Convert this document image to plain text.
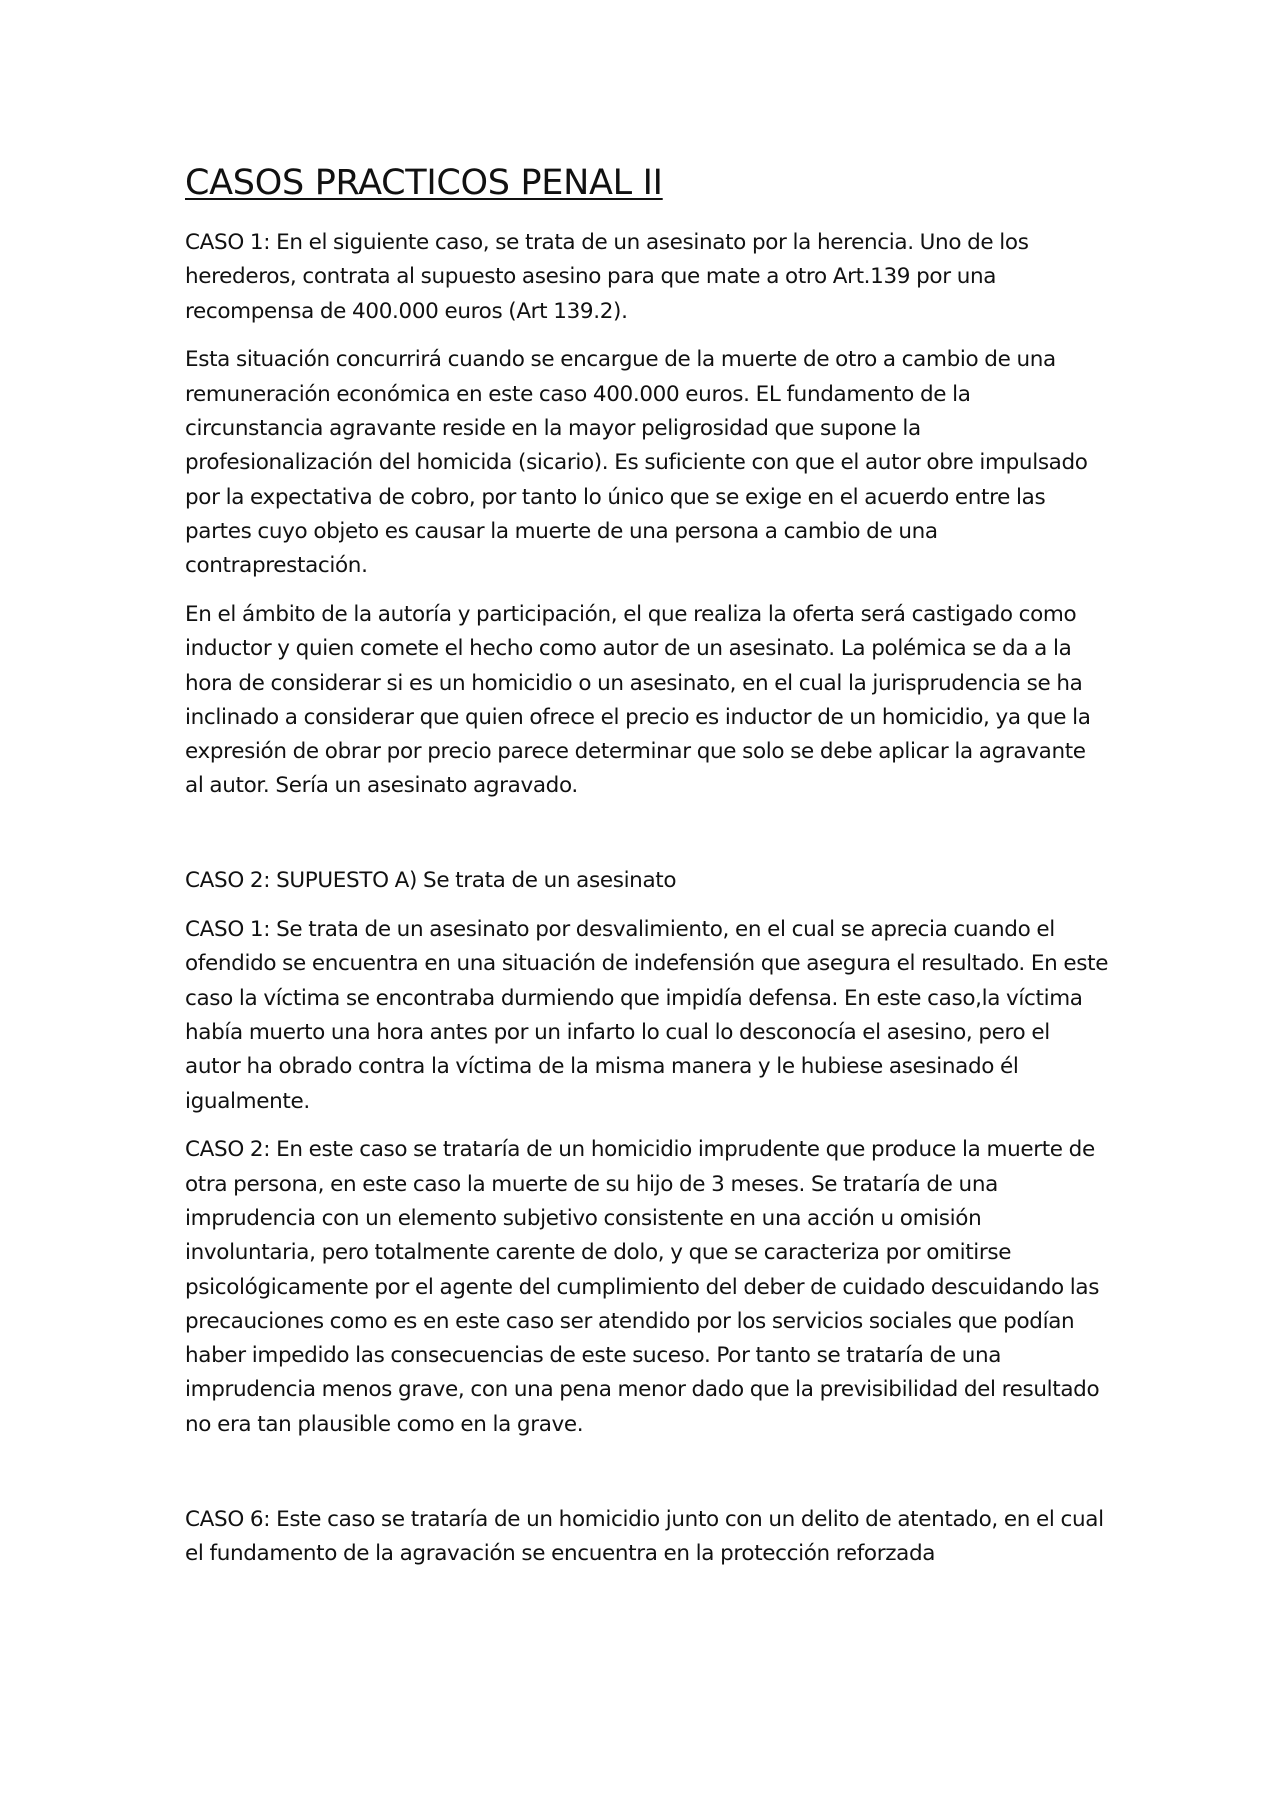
CASOS PRACTICOS PENAL II

CASO 1: En el siguiente caso, se trata de un asesinato por la herencia. Uno de los herederos, contrata al supuesto asesino para que mate a otro Art.139 por una recompensa de 400.000 euros (Art 139.2).

Esta situación concurrirá cuando se encargue de la muerte de otro a cambio de una remuneración económica en este caso 400.000 euros. EL fundamento de la circunstancia agravante reside en la mayor peligrosidad que supone la profesionalización del homicida (sicario). Es suficiente con que el autor obre impulsado por la expectativa de cobro, por tanto lo único que se exige en el acuerdo entre las partes cuyo objeto es causar la muerte de una persona a cambio de una contraprestación.

En el ámbito de la autoría y participación, el que realiza la oferta será castigado como inductor y quien comete el hecho como autor de un asesinato. La polémica se da a la hora de considerar si es un homicidio o un asesinato, en el cual la jurisprudencia se ha inclinado a considerar que quien ofrece el precio es inductor de un homicidio, ya que la expresión de obrar por precio parece determinar que solo se debe aplicar la agravante al autor. Sería un asesinato agravado.

CASO 2: SUPUESTO A) Se trata de un asesinato

CASO 1: Se trata de un asesinato por desvalimiento, en el cual se aprecia cuando el ofendido se encuentra en una situación de indefensión que asegura el resultado. En este caso la víctima se encontraba durmiendo que impidía defensa. En este caso,la víctima había muerto una hora antes por un infarto lo cual lo desconocía el asesino, pero el autor ha obrado contra la víctima de la misma manera y le hubiese asesinado él igualmente.

CASO 2: En este caso se trataría de un homicidio imprudente que produce la muerte de otra persona, en este caso la muerte de su hijo de 3 meses. Se trataría de una imprudencia con un elemento subjetivo consistente en una acción u omisión involuntaria, pero totalmente carente de dolo, y que se caracteriza por omitirse psicológicamente por el agente del cumplimiento del deber de cuidado descuidando las precauciones como es en este caso ser atendido por los servicios sociales que podían haber impedido las consecuencias de este suceso. Por tanto se trataría de una imprudencia menos grave, con una pena menor dado que la previsibilidad del resultado no era tan plausible como en la grave.

CASO 6: Este caso se trataría de un homicidio junto con un delito de atentado, en el cual el fundamento de la agravación se encuentra en la protección reforzada
